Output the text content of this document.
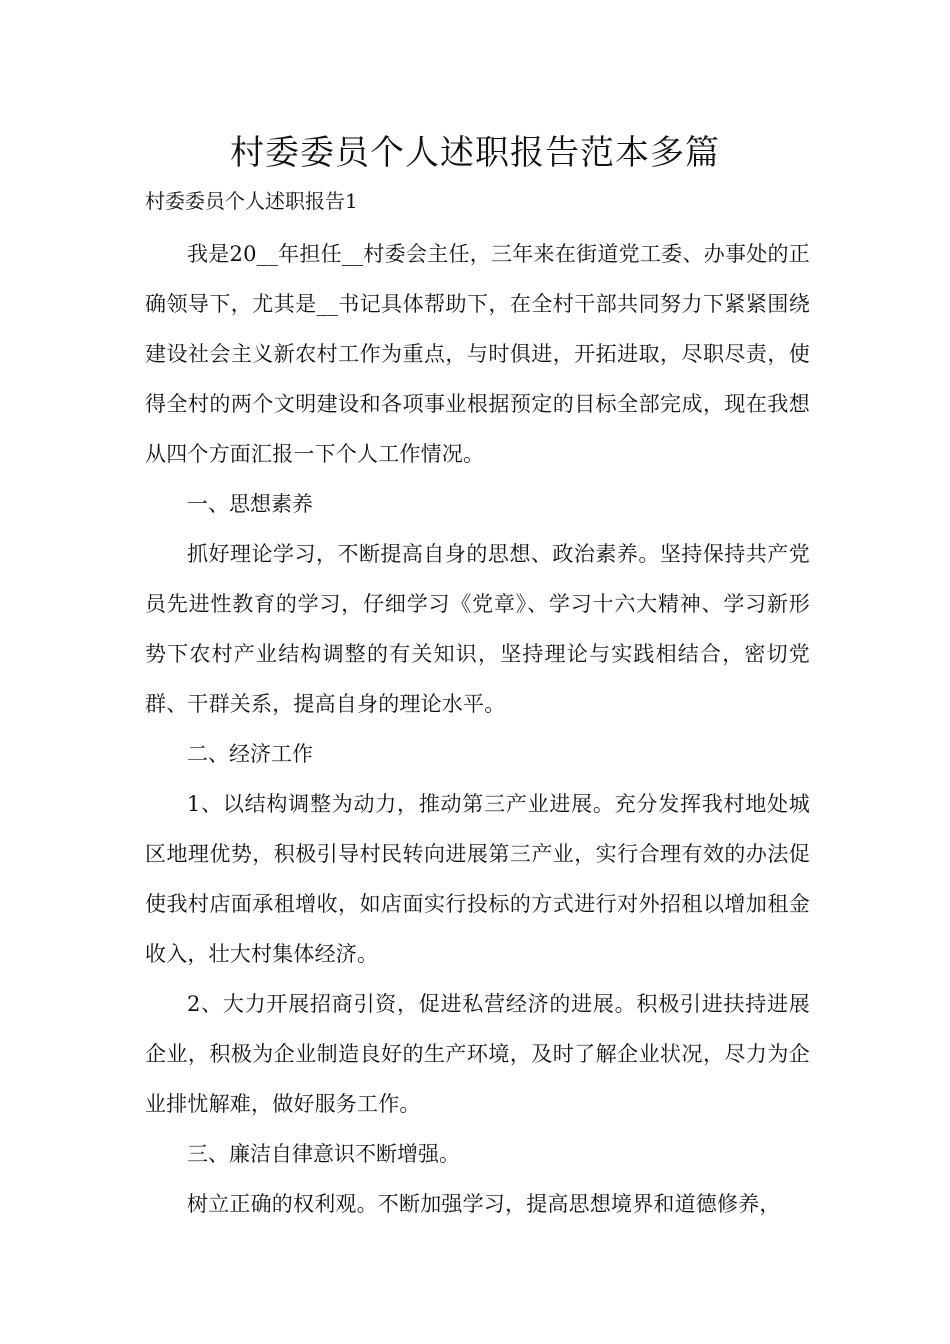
村委委员个人述职报告范本多篇

村委委员个人述职报告1

我是20__年担任__村委会主任，三年来在街道党工委、办事处的正确领导下，尤其是__书记具体帮助下，在全村干部共同努力下紧紧围绕建设社会主义新农村工作为重点，与时俱进，开拓进取，尽职尽责，使得全村的两个文明建设和各项事业根据预定的目标全部完成，现在我想从四个方面汇报一下个人工作情况。

一、思想素养

抓好理论学习，不断提高自身的思想、政治素养。坚持保持共产党员先进性教育的学习，仔细学习《党章》、学习十六大精神、学习新形势下农村产业结构调整的有关知识，坚持理论与实践相结合，密切党群、干群关系，提高自身的理论水平。

二、经济工作

1、以结构调整为动力，推动第三产业进展。充分发挥我村地处城区地理优势，积极引导村民转向进展第三产业，实行合理有效的办法促使我村店面承租增收，如店面实行投标的方式进行对外招租以增加租金收入，壮大村集体经济。

2、大力开展招商引资，促进私营经济的进展。积极引进扶持进展企业，积极为企业制造良好的生产环境，及时了解企业状况，尽力为企业排忧解难，做好服务工作。

三、廉洁自律意识不断增强。

树立正确的权利观。不断加强学习，提高思想境界和道德修养，
